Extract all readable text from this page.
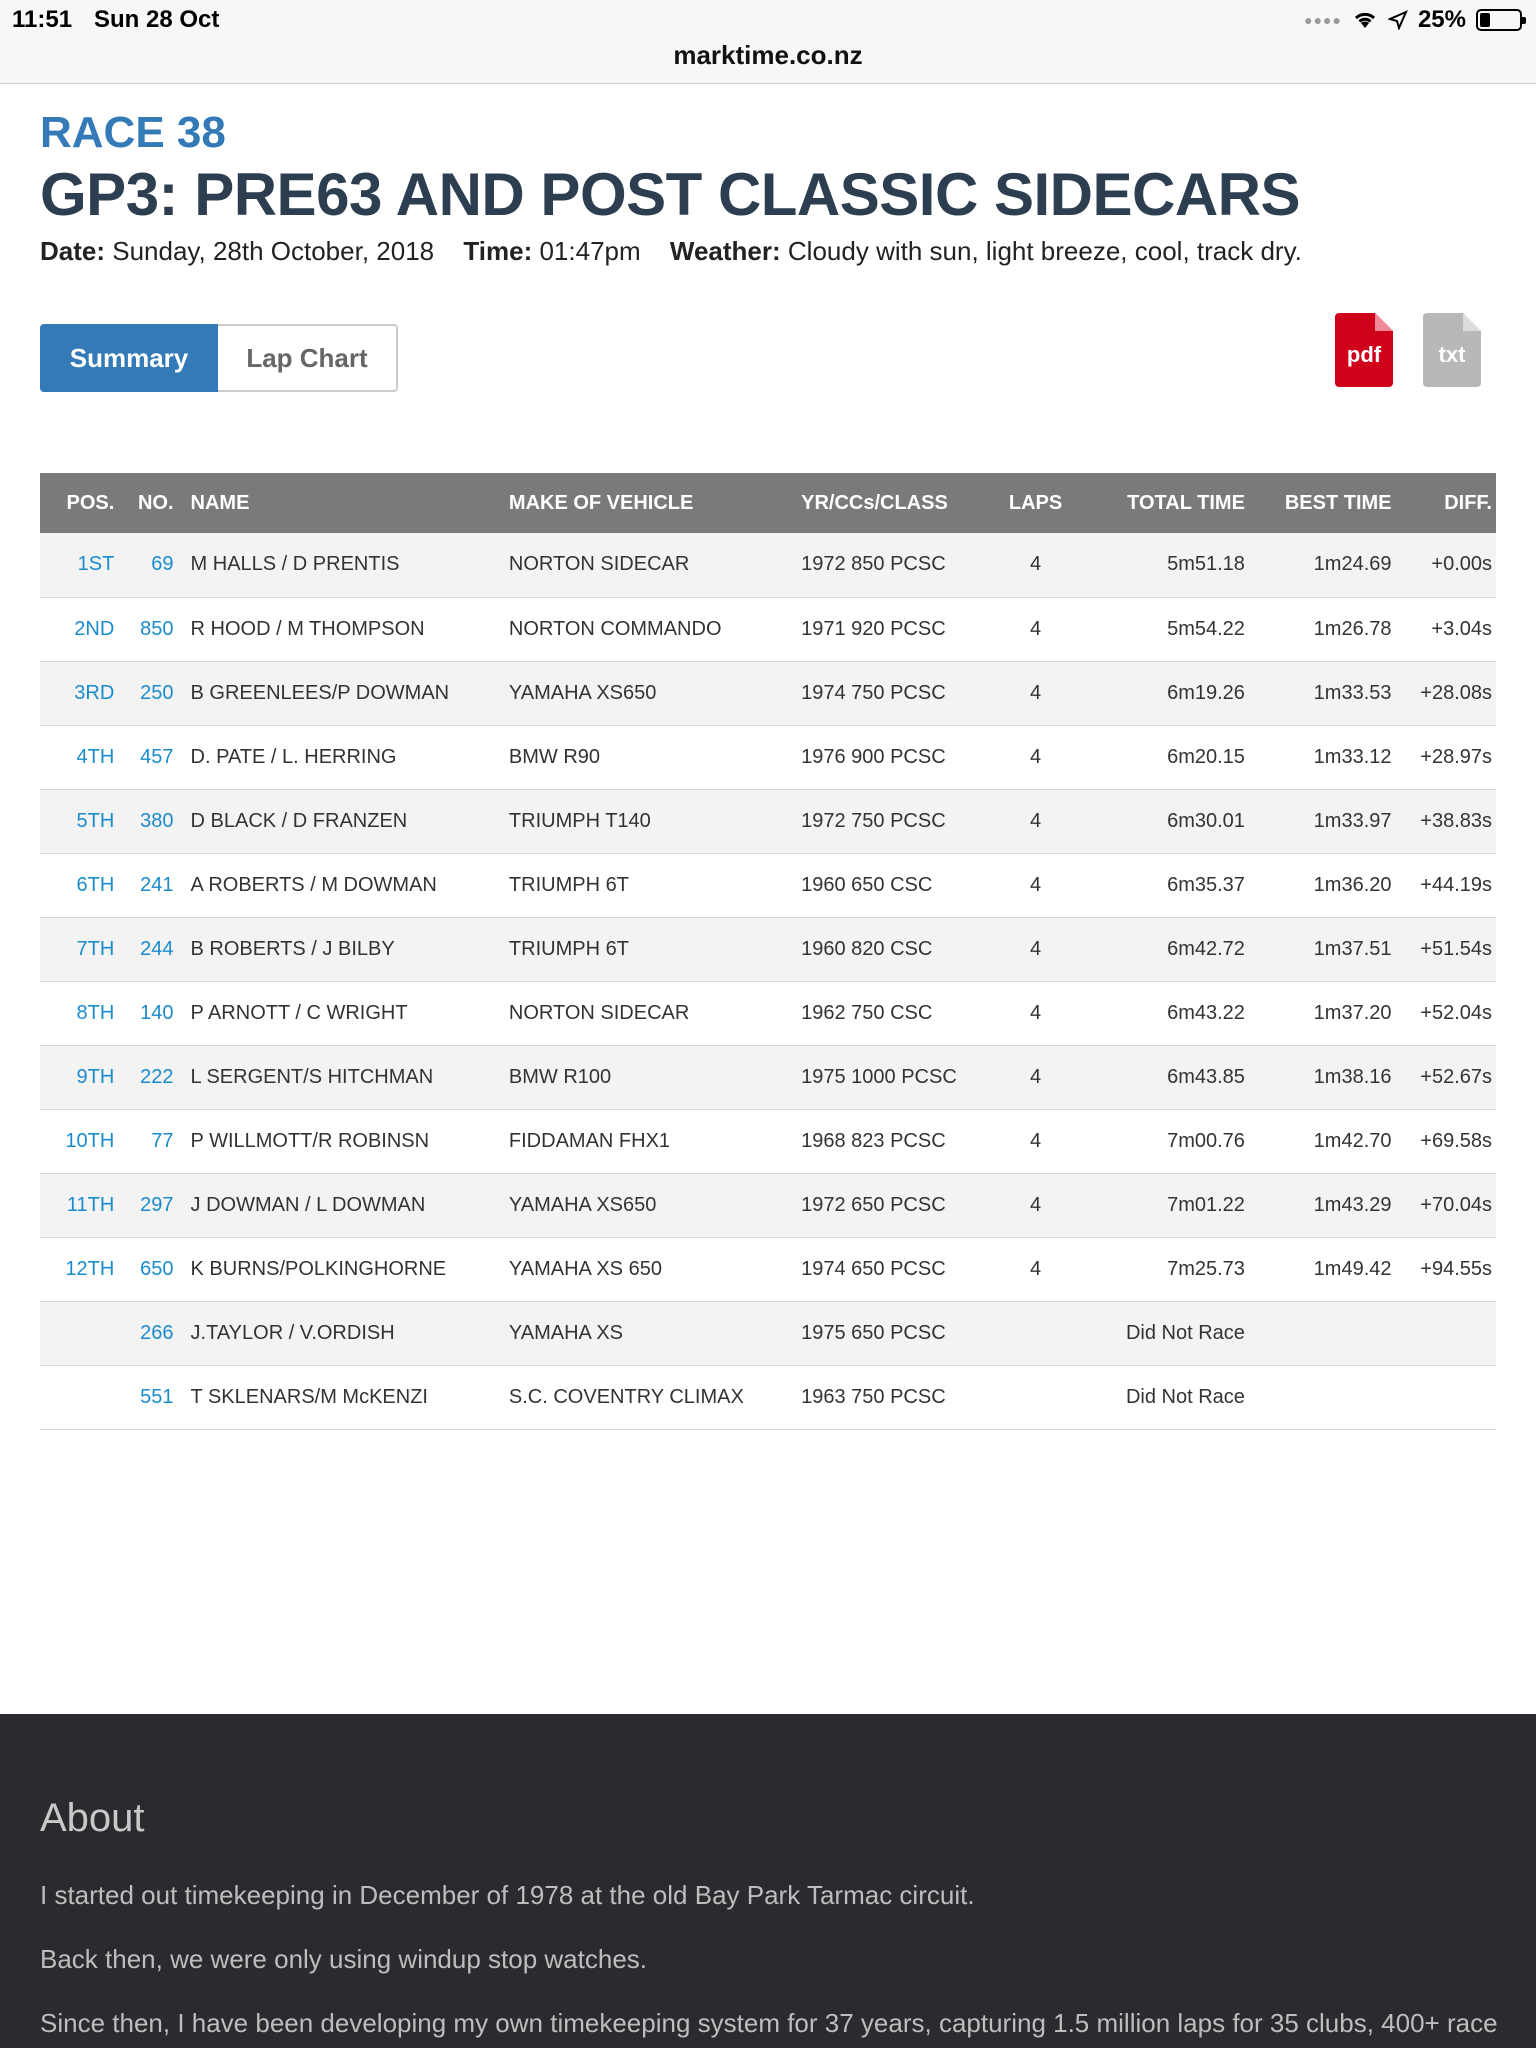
11:51 Sun 28 Oct	●●●●	25%
marktime.co.nz
RACE 38
GP3: PRE63 AND POST CLASSIC SIDECARS
Date: Sunday, 28th October, 2018 Time: 01:47pm Weather: Cloudy with sun, light breeze, cool, track dry.
Summary	Lap Chart	pdf	txt
POS.	NO.	NAME	MAKE OF VEHICLE	YR/CCs/CLASS	LAPS	TOTAL TIME	BEST TIME	DIFF.
1ST	69	M HALLS / D PRENTIS	NORTON SIDECAR	1972 850 PCSC	4	5m51.18	1m24.69	+0.00s
2ND	850	R HOOD / M THOMPSON	NORTON COMMANDO	1971 920 PCSC	4	5m54.22	1m26.78	+3.04s
3RD	250	B GREENLEES/P DOWMAN	YAMAHA XS650	1974 750 PCSC	4	6m19.26	1m33.53	+28.08s
4TH	457	D. PATE / L. HERRING	BMW R90	1976 900 PCSC	4	6m20.15	1m33.12	+28.97s
5TH	380	D BLACK / D FRANZEN	TRIUMPH T140	1972 750 PCSC	4	6m30.01	1m33.97	+38.83s
6TH	241	A ROBERTS / M DOWMAN	TRIUMPH 6T	1960 650 CSC	4	6m35.37	1m36.20	+44.19s
7TH	244	B ROBERTS / J BILBY	TRIUMPH 6T	1960 820 CSC	4	6m42.72	1m37.51	+51.54s
8TH	140	P ARNOTT / C WRIGHT	NORTON SIDECAR	1962 750 CSC	4	6m43.22	1m37.20	+52.04s
9TH	222	L SERGENT/S HITCHMAN	BMW R100	1975 1000 PCSC	4	6m43.85	1m38.16	+52.67s
10TH	77	P WILLMOTT/R ROBINSN	FIDDAMAN FHX1	1968 823 PCSC	4	7m00.76	1m42.70	+69.58s
11TH	297	J DOWMAN / L DOWMAN	YAMAHA XS650	1972 650 PCSC	4	7m01.22	1m43.29	+70.04s
12TH	650	K BURNS/POLKINGHORNE	YAMAHA XS 650	1974 650 PCSC	4	7m25.73	1m49.42	+94.55s
	266	J.TAYLOR / V.ORDISH	YAMAHA XS	1975 650 PCSC		Did Not Race		
	551	T SKLENARS/M McKENZI	S.C. COVENTRY CLIMAX	1963 750 PCSC		Did Not Race		
About
I started out timekeeping in December of 1978 at the old Bay Park Tarmac circuit.
Back then, we were only using windup stop watches.
Since then, I have been developing my own timekeeping system for 37 years, capturing 1.5 million laps for 35 clubs, 400+ race
